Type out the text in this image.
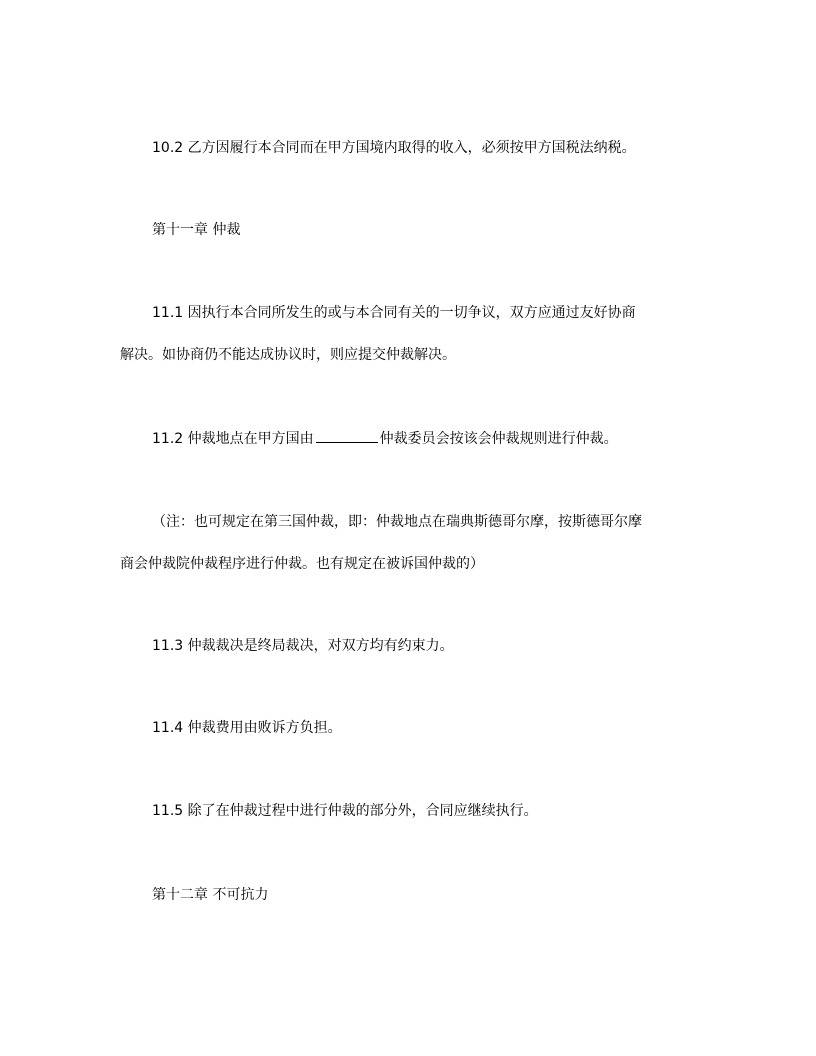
10.2 乙方因履行本合同而在甲方国境内取得的收入，必须按甲方国税法纳税。
第十一章 仲裁
11.1 因执行本合同所发生的或与本合同有关的一切争议，双方应通过友好协商
解决。如协商仍不能达成协议时，则应提交仲裁解决。
11.2 仲裁地点在甲方国由	仲裁委员会按该会仲裁规则进行仲裁。
（注：也可规定在第三国仲裁，即：仲裁地点在瑞典斯德哥尔摩，按斯德哥尔摩
商会仲裁院仲裁程序进行仲裁。也有规定在被诉国仲裁的）
11.3 仲裁裁决是终局裁决，对双方均有约束力。
11.4 仲裁费用由败诉方负担。
11.5 除了在仲裁过程中进行仲裁的部分外，合同应继续执行。
第十二章 不可抗力
